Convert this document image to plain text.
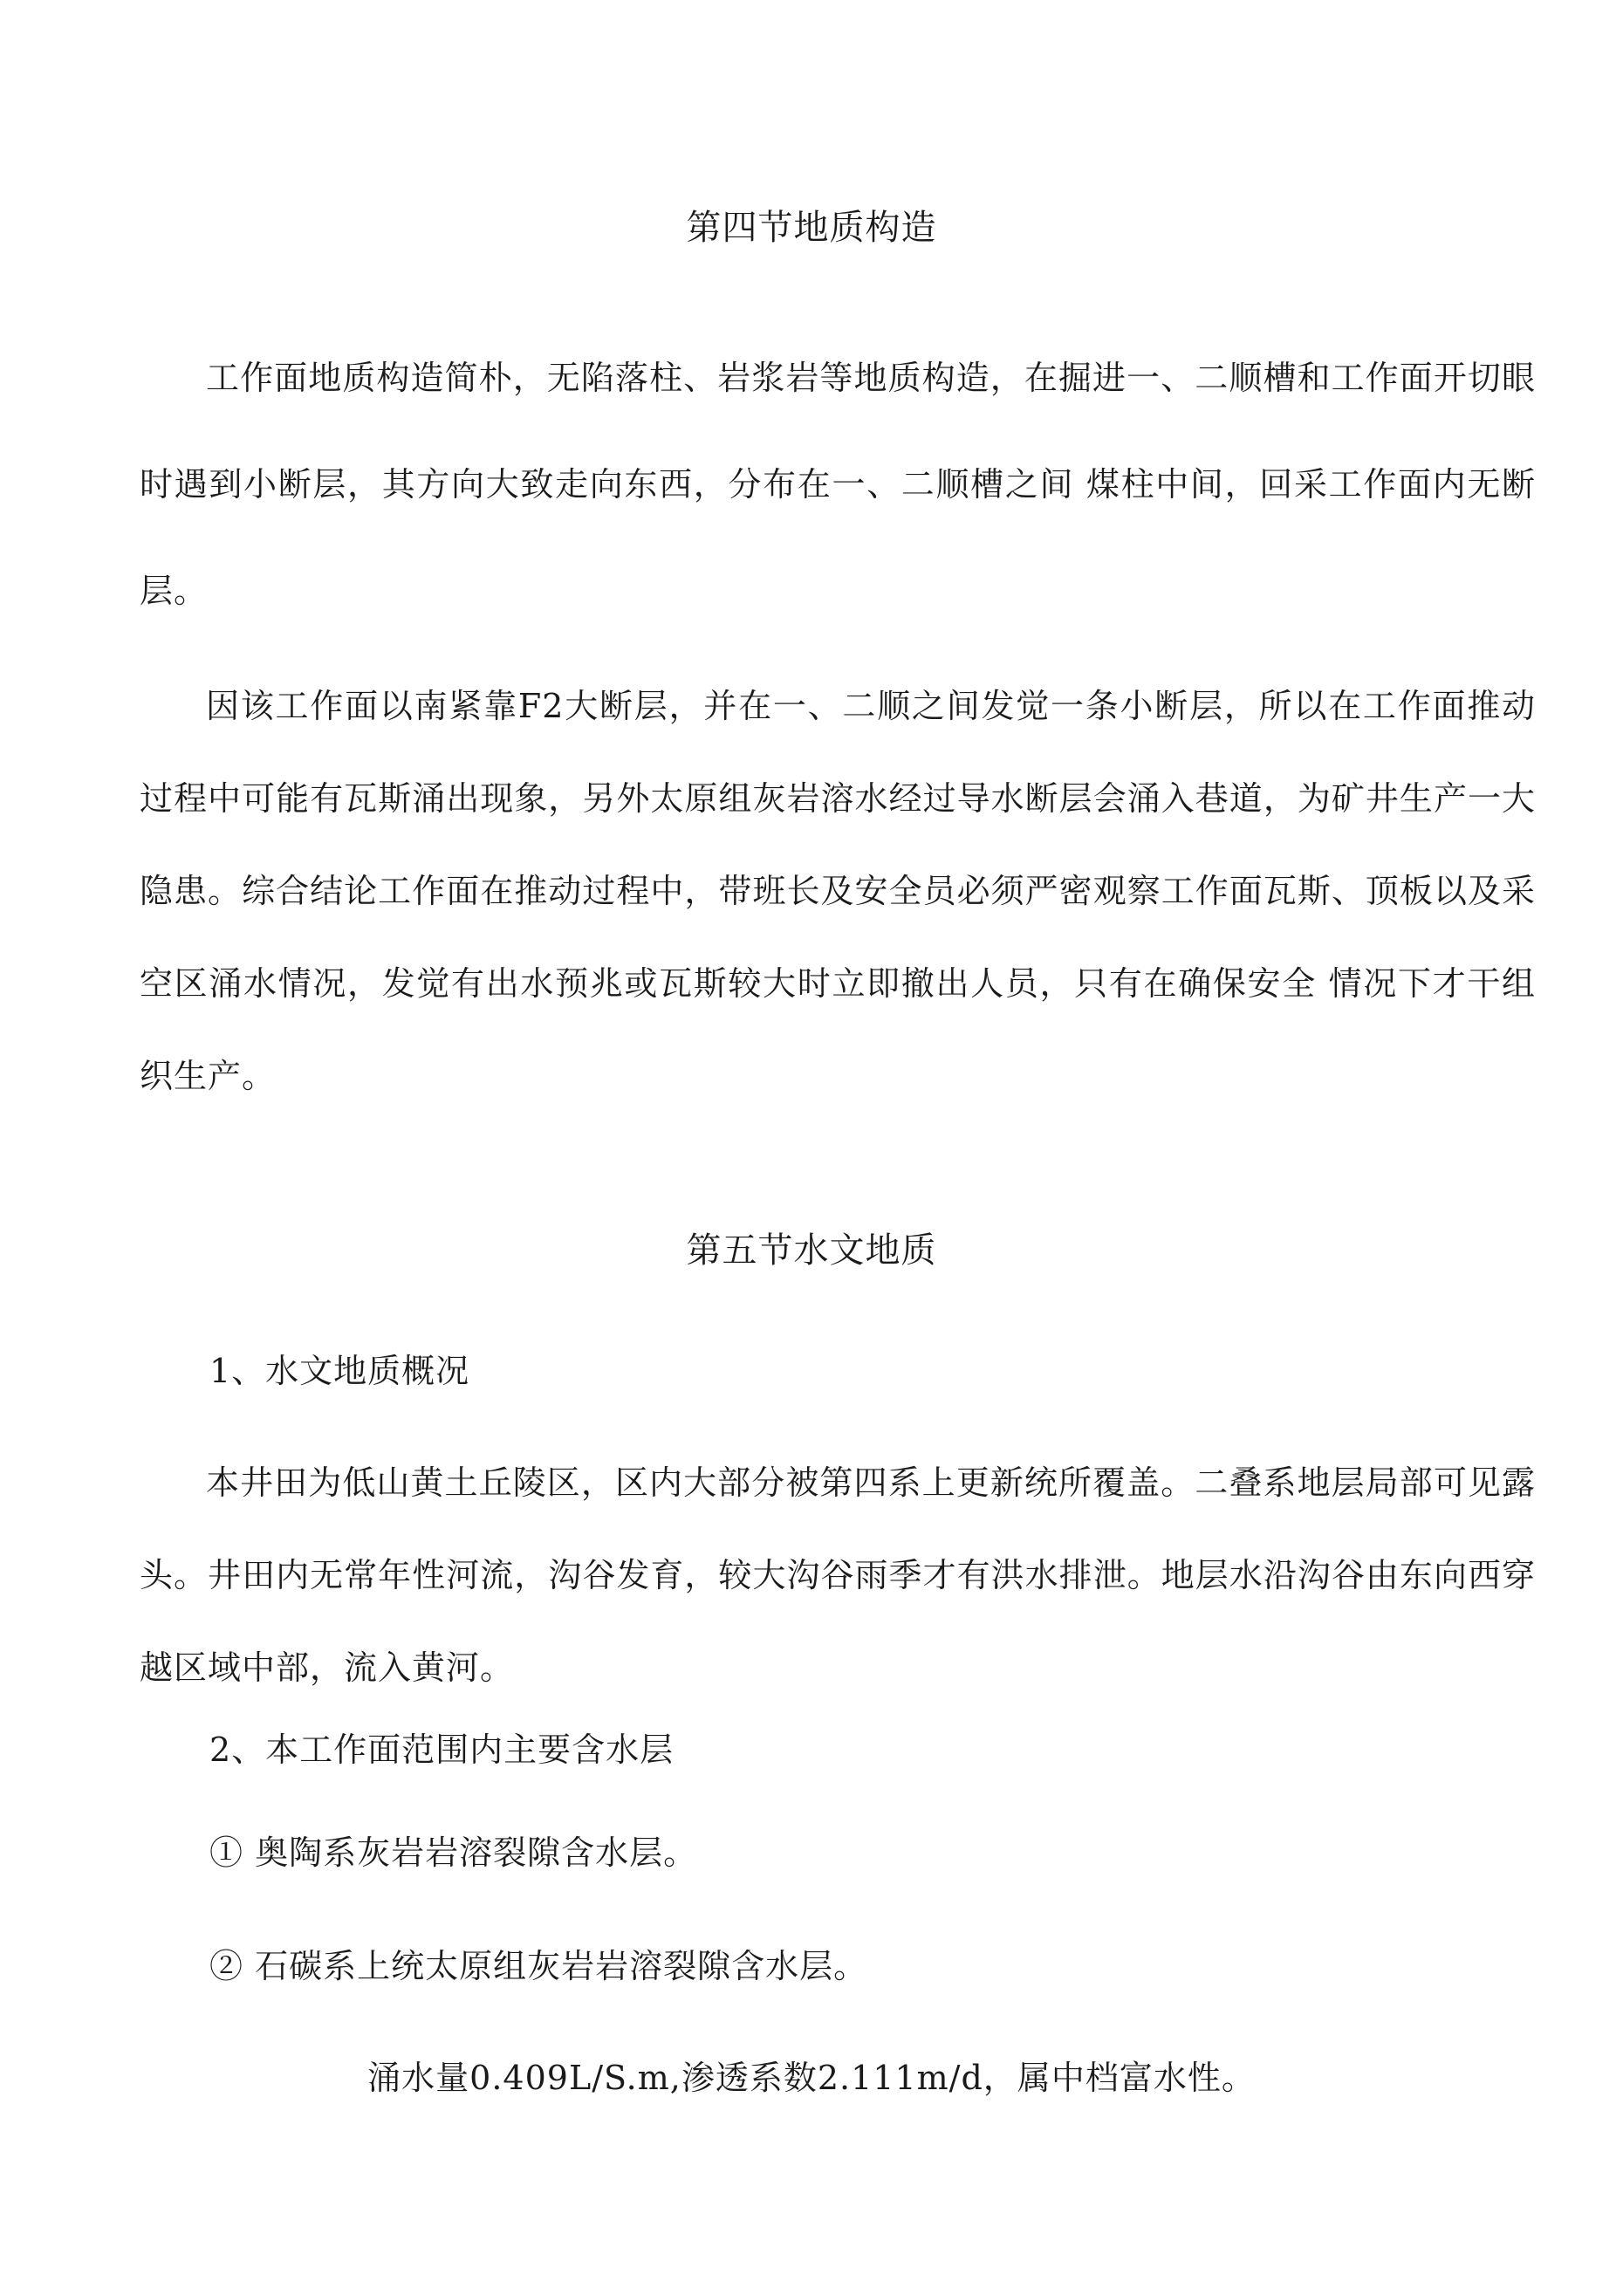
第四节地质构造

工作面地质构造简朴，无陷落柱、岩浆岩等地质构造，在掘进一、二顺槽和工作面开切眼时遇到小断层，其方向大致走向东西，分布在一、二顺槽之间 煤柱中间，回采工作面内无断层。

因该工作面以南紧靠F2大断层，并在一、二顺之间发觉一条小断层，所以在工作面推动过程中可能有瓦斯涌出现象，另外太原组灰岩溶水经过导水断层会涌入巷道，为矿井生产一大隐患。综合结论工作面在推动过程中，带班长及安全员必须严密观察工作面瓦斯、顶板以及采空区涌水情况，发觉有出水预兆或瓦斯较大时立即撤出人员，只有在确保安全 情况下才干组织生产。

第五节水文地质
1、水文地质概况

本井田为低山黄土丘陵区，区内大部分被第四系上更新统所覆盖。二叠系地层局部可见露头。井田内无常年性河流，沟谷发育，较大沟谷雨季才有洪水排泄。地层水沿沟谷由东向西穿越区域中部，流入黄河。

2、本工作面范围内主要含水层
① 奥陶系灰岩岩溶裂隙含水层。
② 石碳系上统太原组灰岩岩溶裂隙含水层。
涌水量0.409L/S.m,渗透系数2.111m/d，属中档富水性。
